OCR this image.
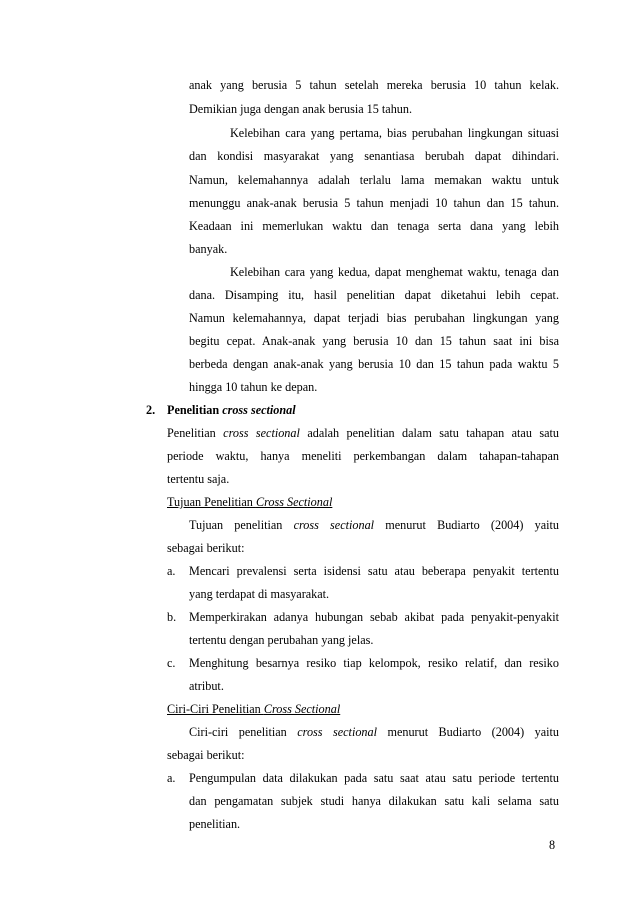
anak yang berusia 5 tahun setelah mereka berusia 10 tahun kelak.
Demikian juga dengan anak berusia 15 tahun.
Kelebihan cara yang pertama, bias perubahan lingkungan situasi
dan kondisi masyarakat yang senantiasa berubah dapat dihindari.
Namun, kelemahannya adalah terlalu lama memakan waktu untuk
menunggu anak-anak berusia 5 tahun menjadi 10 tahun dan 15 tahun.
Keadaan ini memerlukan waktu dan tenaga serta dana yang lebih
banyak.
Kelebihan cara yang kedua, dapat menghemat waktu, tenaga dan
dana. Disamping itu, hasil penelitian dapat diketahui lebih cepat.
Namun kelemahannya, dapat terjadi bias perubahan lingkungan yang
begitu cepat. Anak-anak yang berusia 10 dan 15 tahun saat ini bisa
berbeda dengan anak-anak yang berusia 10 dan 15 tahun pada waktu 5
hingga 10 tahun ke depan.
2. Penelitian cross sectional
Penelitian cross sectional adalah penelitian dalam satu tahapan atau satu
periode waktu, hanya meneliti perkembangan dalam tahapan-tahapan
tertentu saja.
Tujuan Penelitian Cross Sectional
Tujuan penelitian cross sectional menurut Budiarto (2004) yaitu
sebagai berikut:
a. Mencari prevalensi serta isidensi satu atau beberapa penyakit tertentu
yang terdapat di masyarakat.
b. Memperkirakan adanya hubungan sebab akibat pada penyakit-penyakit
tertentu dengan perubahan yang jelas.
c. Menghitung besarnya resiko tiap kelompok, resiko relatif, dan resiko
atribut.
Ciri-Ciri Penelitian Cross Sectional
Ciri-ciri penelitian cross sectional menurut Budiarto (2004) yaitu
sebagai berikut:
a. Pengumpulan data dilakukan pada satu saat atau satu periode tertentu
dan pengamatan subjek studi hanya dilakukan satu kali selama satu
penelitian.
8
